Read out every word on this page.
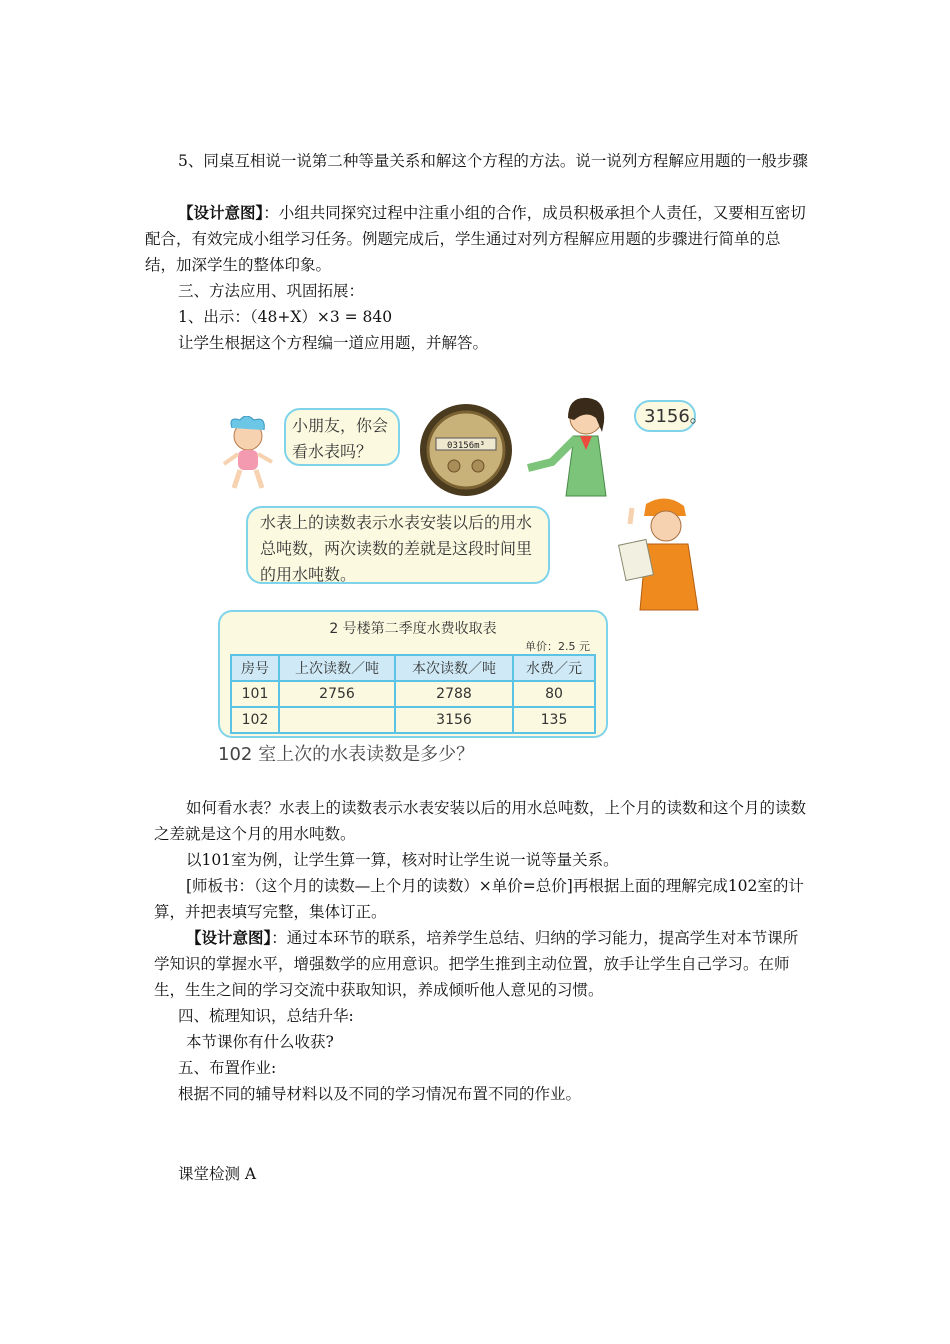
5、同桌互相说一说第二种等量关系和解这个方程的方法。说一说列方程解应用题的一般步骤

【设计意图】：小组共同探究过程中注重小组的合作，成员积极承担个人责任，又要相互密切配合，有效完成小组学习任务。例题完成后，学生通过对列方程解应用题的步骤进行简单的总结，加深学生的整体印象。

三、方法应用、巩固拓展：

1、出示：（48+X）×3 = 840

让学生根据这个方程编一道应用题，并解答。

小朋友，你会看水表吗？	03156m³
3156。
水表上的读数表示水表安装以后的用水总吨数，两次读数的差就是这段时间里的用水吨数。
2 号楼第二季度水费收取表
单价：2.5 元
房号	上次读数／吨	本次读数／吨	水费／元
101	2756	2788	80
102		3156	135
102 室上次的水表读数是多少？

如何看水表？水表上的读数表示水表安装以后的用水总吨数，上个月的读数和这个月的读数之差就是这个月的用水吨数。

以101室为例，让学生算一算，核对时让学生说一说等量关系。

[师板书：（这个月的读数—上个月的读数）×单价=总价]再根据上面的理解完成102室的计算，并把表填写完整，集体订正。

【设计意图】：通过本环节的联系，培养学生总结、归纳的学习能力，提高学生对本节课所学知识的掌握水平，增强数学的应用意识。把学生推到主动位置，放手让学生自己学习。在师生，生生之间的学习交流中获取知识，养成倾听他人意见的习惯。

四、梳理知识，总结升华:

本节课你有什么收获?

五、布置作业:

根据不同的辅导材料以及不同的学习情况布置不同的作业。

课堂检测 A
